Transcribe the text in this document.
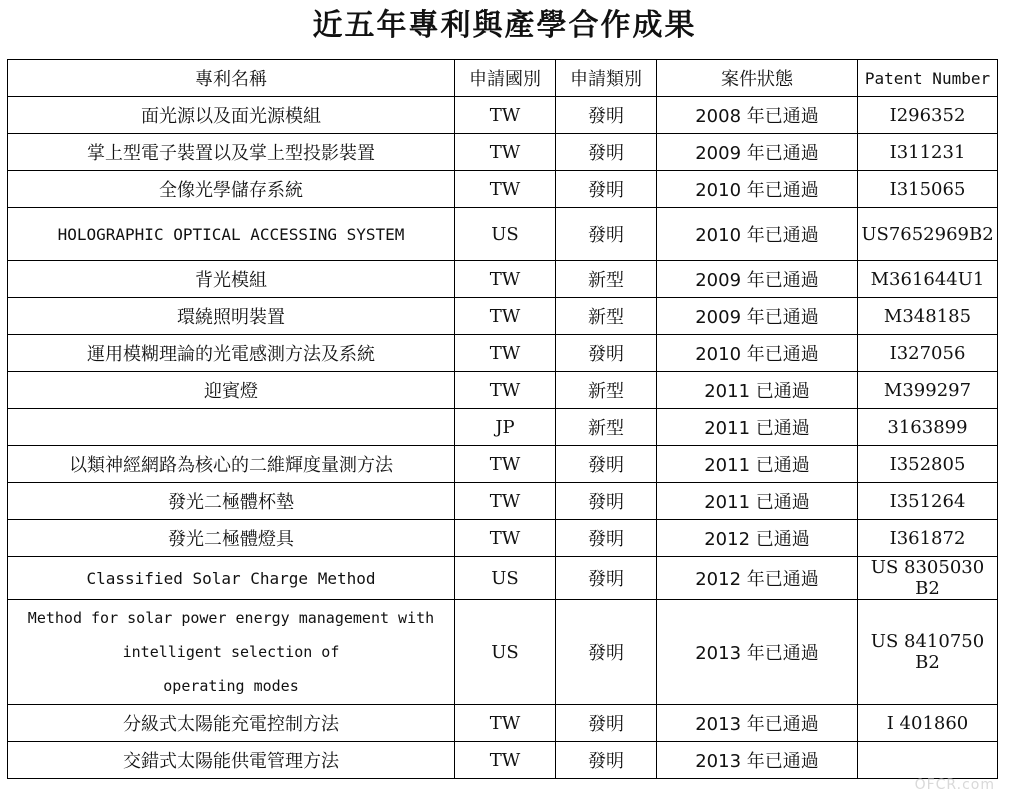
近五年專利與產學合作成果
專利名稱	申請國別	申請類別	案件狀態	Patent Number
面光源以及面光源模組	TW	發明	2008 年已通過	I296352
掌上型電子裝置以及掌上型投影裝置	TW	發明	2009 年已通過	I311231
全像光學儲存系統	TW	發明	2010 年已通過	I315065
HOLOGRAPHIC OPTICAL ACCESSING SYSTEM	US	發明	2010 年已通過	US7652969B2
背光模組	TW	新型	2009 年已通過	M361644U1
環繞照明裝置	TW	新型	2009 年已通過	M348185
運用模糊理論的光電感測方法及系統	TW	發明	2010 年已通過	I327056
迎賓燈	TW	新型	2011 已通過	M399297
	JP	新型	2011 已通過	3163899
以類神經網路為核心的二維輝度量測方法	TW	發明	2011 已通過	I352805
發光二極體杯墊	TW	發明	2011 已通過	I351264
發光二極體燈具	TW	發明	2012 已通過	I361872
Classified Solar Charge Method	US	發明	2012 年已通過	US 8305030 B2
Method for solar power energy management with
intelligent selection of
operating modes	US	發明	2013 年已通過	US 8410750 B2
分級式太陽能充電控制方法	TW	發明	2013 年已通過	I 401860
交錯式太陽能供電管理方法	TW	發明	2013 年已通過	
OFCR.com
